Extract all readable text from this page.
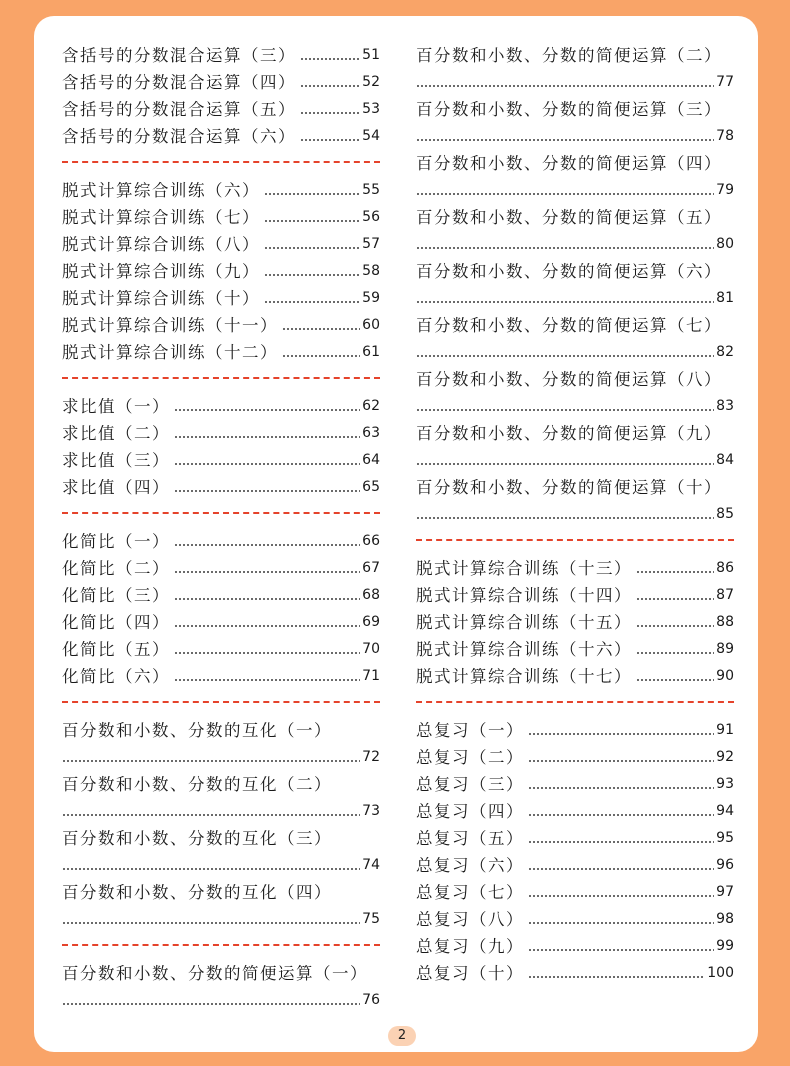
含括号的分数混合运算（三）	51
含括号的分数混合运算（四）	52
含括号的分数混合运算（五）	53
含括号的分数混合运算（六）	54
脱式计算综合训练（六）	55
脱式计算综合训练（七）	56
脱式计算综合训练（八）	57
脱式计算综合训练（九）	58
脱式计算综合训练（十）	59
脱式计算综合训练（十一）	60
脱式计算综合训练（十二）	61
求比值（一）	62
求比值（二）	63
求比值（三）	64
求比值（四）	65
化简比（一）	66
化简比（二）	67
化简比（三）	68
化简比（四）	69
化简比（五）	70
化简比（六）	71
百分数和小数、分数的互化（一）
72
百分数和小数、分数的互化（二）
73
百分数和小数、分数的互化（三）
74
百分数和小数、分数的互化（四）
75
百分数和小数、分数的简便运算（一）
76
百分数和小数、分数的简便运算（二）
77
百分数和小数、分数的简便运算（三）
78
百分数和小数、分数的简便运算（四）
79
百分数和小数、分数的简便运算（五）
80
百分数和小数、分数的简便运算（六）
81
百分数和小数、分数的简便运算（七）
82
百分数和小数、分数的简便运算（八）
83
百分数和小数、分数的简便运算（九）
84
百分数和小数、分数的简便运算（十）
85
脱式计算综合训练（十三）	86
脱式计算综合训练（十四）	87
脱式计算综合训练（十五）	88
脱式计算综合训练（十六）	89
脱式计算综合训练（十七）	90
总复习（一）	91
总复习（二）	92
总复习（三）	93
总复习（四）	94
总复习（五）	95
总复习（六）	96
总复习（七）	97
总复习（八）	98
总复习（九）	99
总复习（十）	100
2
